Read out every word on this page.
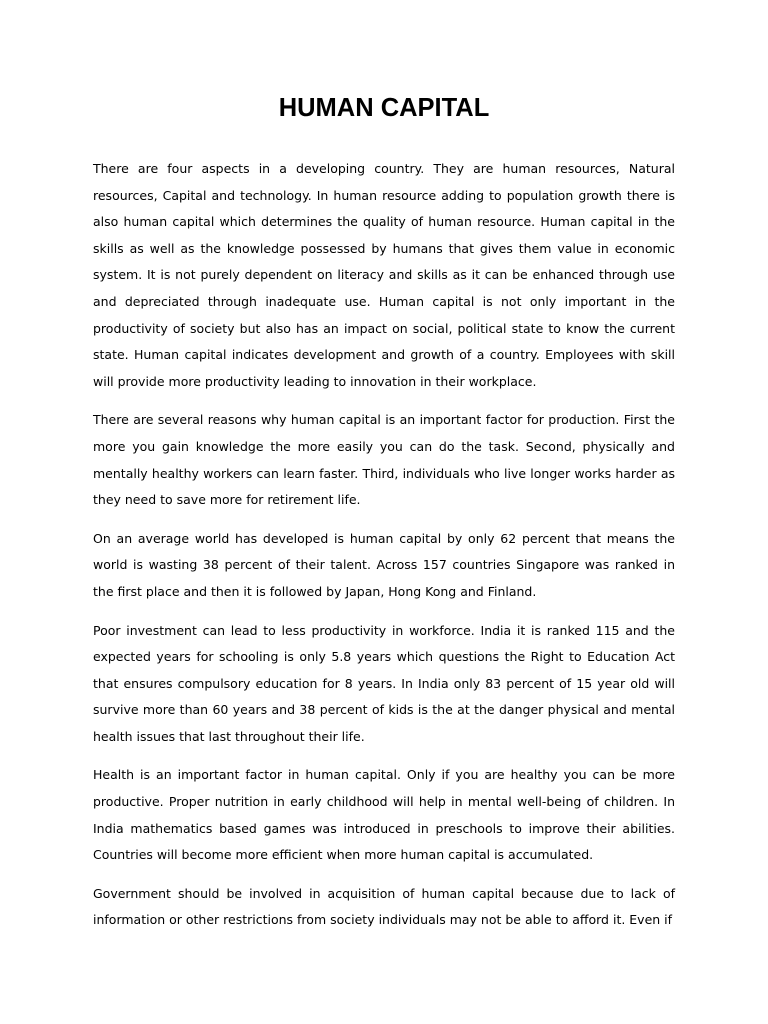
HUMAN CAPITAL

There are four aspects in a developing country. They are human resources, Natural resources, Capital and technology. In human resource adding to population growth there is also human capital which determines the quality of human resource. Human capital in the skills as well as the knowledge possessed by humans that gives them value in economic system. It is not purely dependent on literacy and skills as it can be enhanced through use and depreciated through inadequate use. Human capital is not only important in the productivity of society but also has an impact on social, political state to know the current state. Human capital indicates development and growth of a country. Employees with skill will provide more productivity leading to innovation in their workplace.

There are several reasons why human capital is an important factor for production. First the more you gain knowledge the more easily you can do the task. Second, physically and mentally healthy workers can learn faster. Third, individuals who live longer works harder as they need to save more for retirement life.

On an average world has developed is human capital by only 62 percent that means the world is wasting 38 percent of their talent. Across 157 countries Singapore was ranked in the first place and then it is followed by Japan, Hong Kong and Finland.

Poor investment can lead to less productivity in workforce. India it is ranked 115 and the expected years for schooling is only 5.8 years which questions the Right to Education Act that ensures compulsory education for 8 years. In India only 83 percent of 15 year old will survive more than 60 years and 38 percent of kids is the at the danger physical and mental health issues that last throughout their life.

Health is an important factor in human capital. Only if you are healthy you can be more productive. Proper nutrition in early childhood will help in mental well-being of children. In India mathematics based games was introduced in preschools to improve their abilities. Countries will become more efficient when more human capital is accumulated.

Government should be involved in acquisition of human capital because due to lack of information or other restrictions from society individuals may not be able to afford it. Even if
